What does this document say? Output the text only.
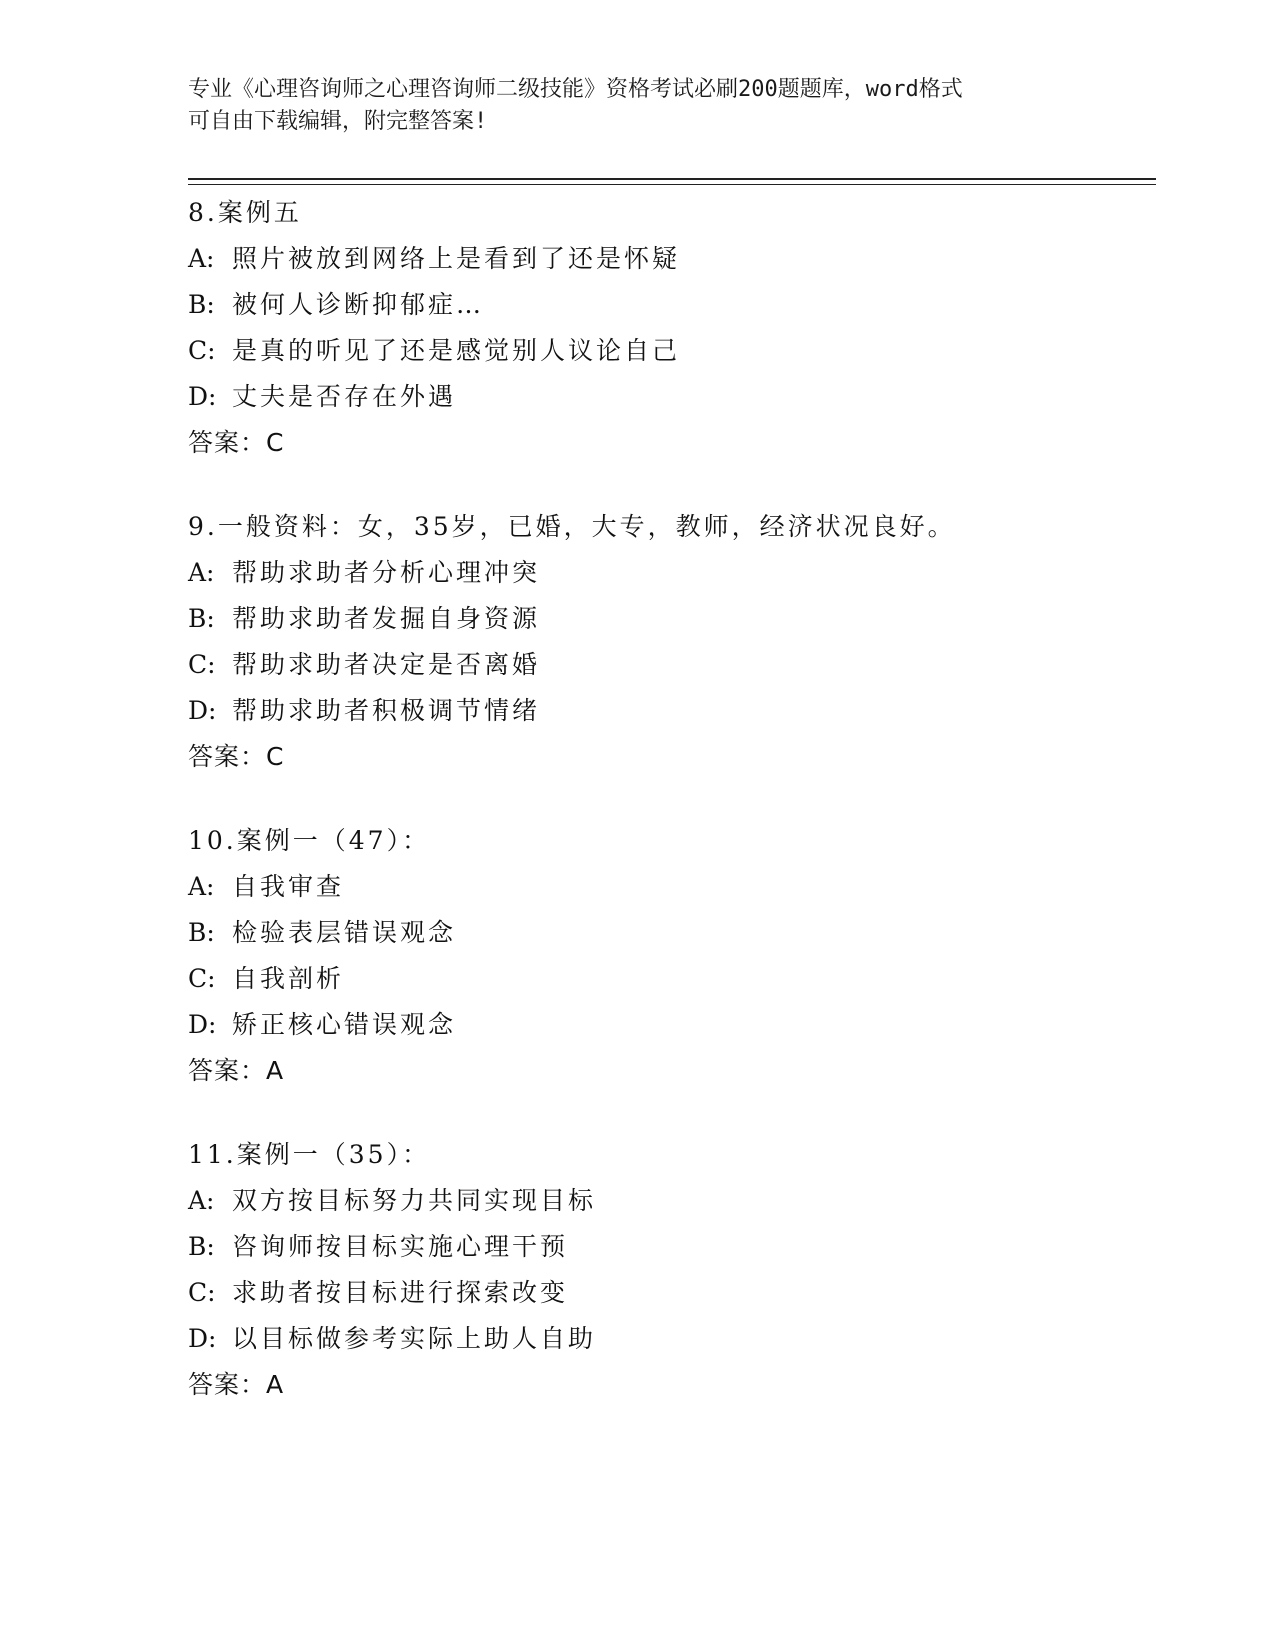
专业《心理咨询师之心理咨询师二级技能》资格考试必刷200题题库，word格式
可自由下载编辑，附完整答案!
8.案例五
A: 照片被放到网络上是看到了还是怀疑
B: 被何人诊断抑郁症…
C: 是真的听见了还是感觉别人议论自己
D: 丈夫是否存在外遇
答案：C
9.一般资料：女，35岁，已婚，大专，教师，经济状况良好。
A: 帮助求助者分析心理冲突
B: 帮助求助者发掘自身资源
C: 帮助求助者决定是否离婚
D: 帮助求助者积极调节情绪
答案：C
10.案例一（47）：
A: 自我审查
B: 检验表层错误观念
C: 自我剖析
D: 矫正核心错误观念
答案：A
11.案例一（35）：
A: 双方按目标努力共同实现目标
B: 咨询师按目标实施心理干预
C: 求助者按目标进行探索改变
D: 以目标做参考实际上助人自助
答案：A
